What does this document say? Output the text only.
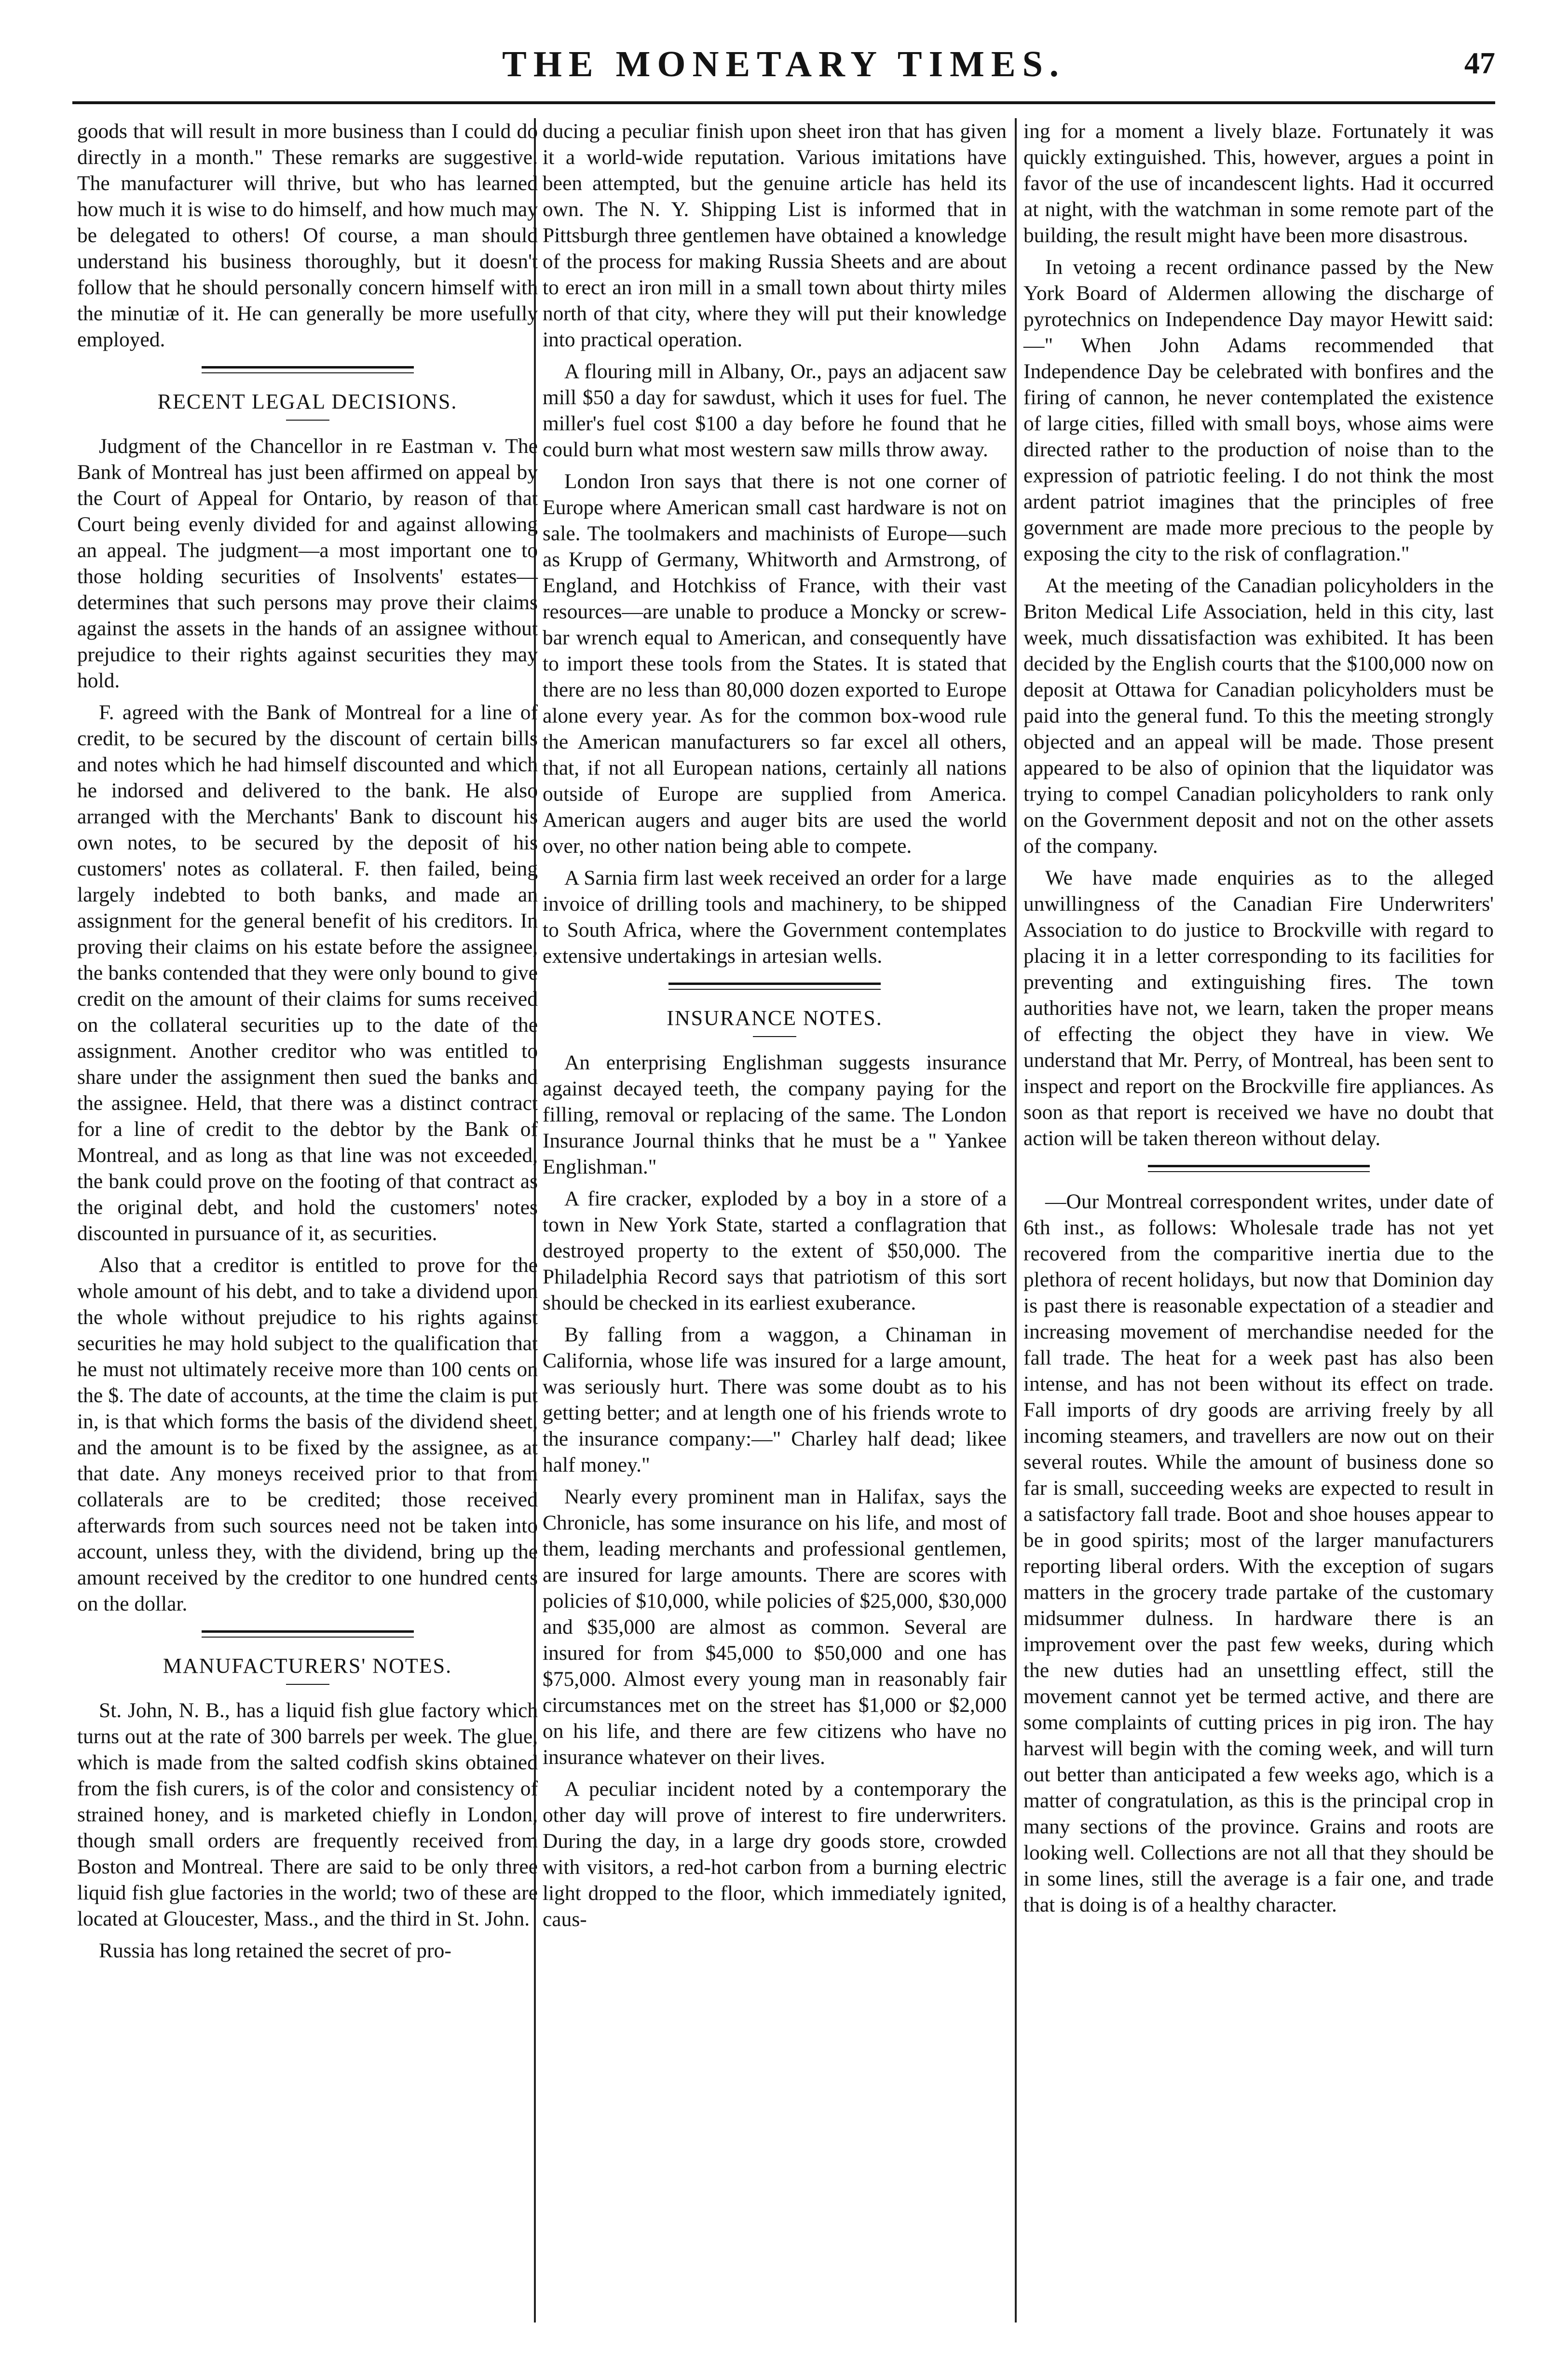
THE MONETARY TIMES.	47

goods that will result in more business than I could do directly in a month." These remarks are suggestive. The manufacturer will thrive, but who has learned how much it is wise to do himself, and how much may be delegated to others! Of course, a man should understand his business thoroughly, but it doesn't follow that he should personally concern himself with the minutiæ of it. He can generally be more usefully employed.

RECENT LEGAL DECISIONS.

Judgment of the Chancellor in re Eastman v. The Bank of Montreal has just been affirmed on appeal by the Court of Appeal for Ontario, by reason of that Court being evenly divided for and against allowing an appeal. The judgment—a most important one to those holding securities of Insolvents' estates—determines that such persons may prove their claims against the assets in the hands of an assignee without prejudice to their rights against securities they may hold.

F. agreed with the Bank of Montreal for a line of credit, to be secured by the discount of certain bills and notes which he had himself discounted and which he indorsed and delivered to the bank. He also arranged with the Merchants' Bank to discount his own notes, to be secured by the deposit of his customers' notes as collateral. F. then failed, being largely indebted to both banks, and made an assignment for the general benefit of his creditors. In proving their claims on his estate before the assignee, the banks contended that they were only bound to give credit on the amount of their claims for sums received on the collateral securities up to the date of the assignment. Another creditor who was entitled to share under the assignment then sued the banks and the assignee. Held, that there was a distinct contract for a line of credit to the debtor by the Bank of Montreal, and as long as that line was not exceeded, the bank could prove on the footing of that contract as the original debt, and hold the customers' notes discounted in pursuance of it, as securities.

Also that a creditor is entitled to prove for the whole amount of his debt, and to take a dividend upon the whole without prejudice to his rights against securities he may hold subject to the qualification that he must not ultimately receive more than 100 cents on the $. The date of accounts, at the time the claim is put in, is that which forms the basis of the dividend sheet, and the amount is to be fixed by the assignee, as at that date. Any moneys received prior to that from collaterals are to be credited; those received afterwards from such sources need not be taken into account, unless they, with the dividend, bring up the amount received by the creditor to one hundred cents on the dollar.

MANUFACTURERS' NOTES.

St. John, N. B., has a liquid fish glue factory which turns out at the rate of 300 barrels per week. The glue, which is made from the salted codfish skins obtained from the fish curers, is of the color and consistency of strained honey, and is marketed chiefly in London, though small orders are frequently received from Boston and Montreal. There are said to be only three liquid fish glue factories in the world; two of these are located at Gloucester, Mass., and the third in St. John.

Russia has long retained the secret of pro-

ducing a peculiar finish upon sheet iron that has given it a world-wide reputation. Various imitations have been attempted, but the genuine article has held its own. The N. Y. Shipping List is informed that in Pittsburgh three gentlemen have obtained a knowledge of the process for making Russia Sheets and are about to erect an iron mill in a small town about thirty miles north of that city, where they will put their knowledge into practical operation.

A flouring mill in Albany, Or., pays an adjacent saw mill $50 a day for sawdust, which it uses for fuel. The miller's fuel cost $100 a day before he found that he could burn what most western saw mills throw away.

London Iron says that there is not one corner of Europe where American small cast hardware is not on sale. The toolmakers and machinists of Europe—such as Krupp of Germany, Whitworth and Armstrong, of England, and Hotchkiss of France, with their vast resources—are unable to produce a Moncky or screw-bar wrench equal to American, and consequently have to import these tools from the States. It is stated that there are no less than 80,000 dozen exported to Europe alone every year. As for the common box-wood rule the American manufacturers so far excel all others, that, if not all European nations, certainly all nations outside of Europe are supplied from America. American augers and auger bits are used the world over, no other nation being able to compete.

A Sarnia firm last week received an order for a large invoice of drilling tools and machinery, to be shipped to South Africa, where the Government contemplates extensive undertakings in artesian wells.

INSURANCE NOTES.

An enterprising Englishman suggests insurance against decayed teeth, the company paying for the filling, removal or replacing of the same. The London Insurance Journal thinks that he must be a " Yankee Englishman."

A fire cracker, exploded by a boy in a store of a town in New York State, started a conflagration that destroyed property to the extent of $50,000. The Philadelphia Record says that patriotism of this sort should be checked in its earliest exuberance.

By falling from a waggon, a Chinaman in California, whose life was insured for a large amount, was seriously hurt. There was some doubt as to his getting better; and at length one of his friends wrote to the insurance company:—" Charley half dead; likee half money."

Nearly every prominent man in Halifax, says the Chronicle, has some insurance on his life, and most of them, leading merchants and professional gentlemen, are insured for large amounts. There are scores with policies of $10,000, while policies of $25,000, $30,000 and $35,000 are almost as common. Several are insured for from $45,000 to $50,000 and one has $75,000. Almost every young man in reasonably fair circumstances met on the street has $1,000 or $2,000 on his life, and there are few citizens who have no insurance whatever on their lives.

A peculiar incident noted by a contemporary the other day will prove of interest to fire underwriters. During the day, in a large dry goods store, crowded with visitors, a red-hot carbon from a burning electric light dropped to the floor, which immediately ignited, caus-

ing for a moment a lively blaze. Fortunately it was quickly extinguished. This, however, argues a point in favor of the use of incandescent lights. Had it occurred at night, with the watchman in some remote part of the building, the result might have been more disastrous.

In vetoing a recent ordinance passed by the New York Board of Aldermen allowing the discharge of pyrotechnics on Independence Day mayor Hewitt said:—" When John Adams recommended that Independence Day be celebrated with bonfires and the firing of cannon, he never contemplated the existence of large cities, filled with small boys, whose aims were directed rather to the production of noise than to the expression of patriotic feeling. I do not think the most ardent patriot imagines that the principles of free government are made more precious to the people by exposing the city to the risk of conflagration."

At the meeting of the Canadian policyholders in the Briton Medical Life Association, held in this city, last week, much dissatisfaction was exhibited. It has been decided by the English courts that the $100,000 now on deposit at Ottawa for Canadian policyholders must be paid into the general fund. To this the meeting strongly objected and an appeal will be made. Those present appeared to be also of opinion that the liquidator was trying to compel Canadian policyholders to rank only on the Government deposit and not on the other assets of the company.

We have made enquiries as to the alleged unwillingness of the Canadian Fire Underwriters' Association to do justice to Brockville with regard to placing it in a letter corresponding to its facilities for preventing and extinguishing fires. The town authorities have not, we learn, taken the proper means of effecting the object they have in view. We understand that Mr. Perry, of Montreal, has been sent to inspect and report on the Brockville fire appliances. As soon as that report is received we have no doubt that action will be taken thereon without delay.

—Our Montreal correspondent writes, under date of 6th inst., as follows: Wholesale trade has not yet recovered from the comparitive inertia due to the plethora of recent holidays, but now that Dominion day is past there is reasonable expectation of a steadier and increasing movement of merchandise needed for the fall trade. The heat for a week past has also been intense, and has not been without its effect on trade. Fall imports of dry goods are arriving freely by all incoming steamers, and travellers are now out on their several routes. While the amount of business done so far is small, succeeding weeks are expected to result in a satisfactory fall trade. Boot and shoe houses appear to be in good spirits; most of the larger manufacturers reporting liberal orders. With the exception of sugars matters in the grocery trade partake of the customary midsummer dulness. In hardware there is an improvement over the past few weeks, during which the new duties had an unsettling effect, still the movement cannot yet be termed active, and there are some complaints of cutting prices in pig iron. The hay harvest will begin with the coming week, and will turn out better than anticipated a few weeks ago, which is a matter of congratulation, as this is the principal crop in many sections of the province. Grains and roots are looking well. Collections are not all that they should be in some lines, still the average is a fair one, and trade that is doing is of a healthy character.
